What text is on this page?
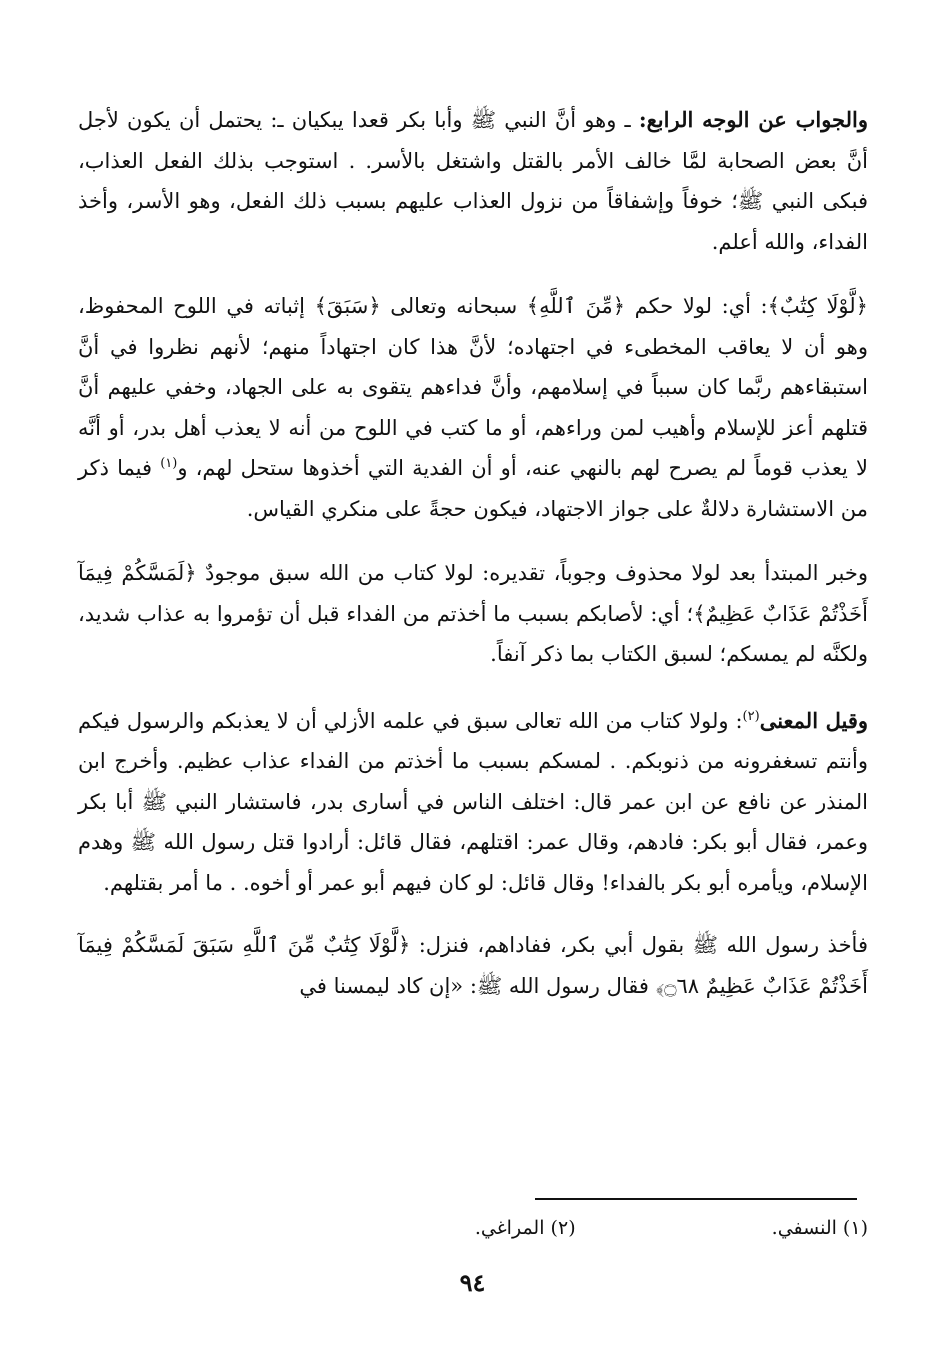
والجواب عن الوجه الرابع: ـ وهو أنَّ النبي ﷺ وأبا بكر قعدا يبكيان ـ: يحتمل أن يكون لأجل أنَّ بعض الصحابة لمَّا خالف الأمر بالقتل واشتغل بالأسر. . استوجب بذلك الفعل العذاب، فبكى النبي ﷺ؛ خوفاً وإشفاقاً من نزول العذاب عليهم بسبب ذلك الفعل، وهو الأسر، وأخذ الفداء، والله أعلم.

﴿لَّوْلَا كِتَٰبٌ﴾: أي: لولا حكم ﴿مِّنَ ٱللَّهِ﴾ سبحانه وتعالى ﴿سَبَقَ﴾ إثباته في اللوح المحفوظ، وهو أن لا يعاقب المخطىء في اجتهاده؛ لأنَّ هذا كان اجتهاداً منهم؛ لأنهم نظروا في أنَّ استبقاءهم ربَّما كان سبباً في إسلامهم، وأنَّ فداءهم يتقوى به على الجهاد، وخفي عليهم أنَّ قتلهم أعز للإسلام وأهيب لمن وراءهم، أو ما كتب في اللوح من أنه لا يعذب أهل بدر، أو أنَّه لا يعذب قوماً لم يصرح لهم بالنهي عنه، أو أن الفدية التي أخذوها ستحل لهم، و$^{(١)}$ فيما ذكر من الاستشارة دلالةٌ على جواز الاجتهاد، فيكون حجةً على منكري القياس.

وخبر المبتدأ بعد لولا محذوف وجوباً، تقديره: لولا كتاب من الله سبق موجودٌ ﴿لَمَسَّكُمْ فِيمَآ أَخَذْتُمْ عَذَابٌ عَظِيمٌ﴾؛ أي: لأصابكم بسبب ما أخذتم من الفداء قبل أن تؤمروا به عذاب شديد، ولكنَّه لم يمسكم؛ لسبق الكتاب بما ذكر آنفاً.

وقيل المعنى$^{(٢)}$: ولولا كتاب من الله تعالى سبق في علمه الأزلي أن لا يعذبكم والرسول فيكم وأنتم تسغفرونه من ذنوبكم. . لمسكم بسبب ما أخذتم من الفداء عذاب عظيم. وأخرج ابن المنذر عن نافع عن ابن عمر قال: اختلف الناس في أسارى بدر، فاستشار النبي ﷺ أبا بكر وعمر، فقال أبو بكر: فادهم، وقال عمر: اقتلهم، فقال قائل: أرادوا قتل رسول الله ﷺ وهدم الإسلام، ويأمره أبو بكر بالفداء! وقال قائل: لو كان فيهم أبو عمر أو أخوه. . ما أمر بقتلهم.

فأخذ رسول الله ﷺ بقول أبي بكر، ففاداهم، فنزل: ﴿لَّوْلَا كِتَٰبٌ مِّنَ ٱللَّهِ سَبَقَ لَمَسَّكُمْ فِيمَآ أَخَذْتُمْ عَذَابٌ عَظِيمٌ ۝٦٨﴾ فقال رسول الله ﷺ: «إن كاد ليمسنا في

(١) النسفي. (٢) المراغي.
٩٤
